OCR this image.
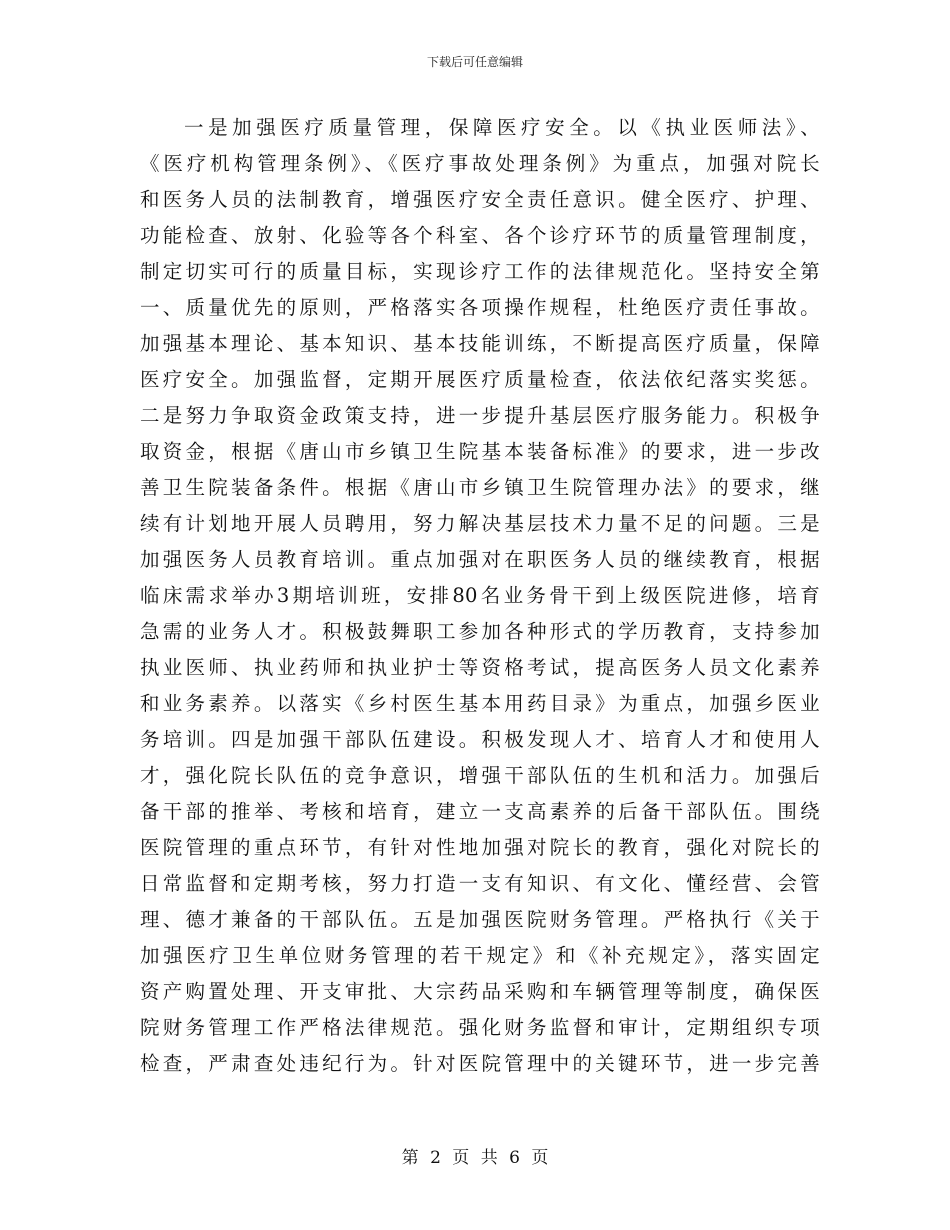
下载后可任意编辑
一是加强医疗质量管理，保障医疗安全。以《执业医师法》、
《医疗机构管理条例》、《医疗事故处理条例》为重点，加强对院长
和医务人员的法制教育，增强医疗安全责任意识。健全医疗、护理、
功能检查、放射、化验等各个科室、各个诊疗环节的质量管理制度，
制定切实可行的质量目标，实现诊疗工作的法律规范化。坚持安全第
一、质量优先的原则，严格落实各项操作规程，杜绝医疗责任事故。
加强基本理论、基本知识、基本技能训练，不断提高医疗质量，保障
医疗安全。加强监督，定期开展医疗质量检查，依法依纪落实奖惩。
二是努力争取资金政策支持，进一步提升基层医疗服务能力。积极争
取资金，根据《唐山市乡镇卫生院基本装备标准》的要求，进一步改
善卫生院装备条件。根据《唐山市乡镇卫生院管理办法》的要求，继
续有计划地开展人员聘用，努力解决基层技术力量不足的问题。三是
加强医务人员教育培训。重点加强对在职医务人员的继续教育，根据
临床需求举办3期培训班，安排80名业务骨干到上级医院进修，培育
急需的业务人才。积极鼓舞职工参加各种形式的学历教育，支持参加
执业医师、执业药师和执业护士等资格考试，提高医务人员文化素养
和业务素养。以落实《乡村医生基本用药目录》为重点，加强乡医业
务培训。四是加强干部队伍建设。积极发现人才、培育人才和使用人
才，强化院长队伍的竞争意识，增强干部队伍的生机和活力。加强后
备干部的推举、考核和培育，建立一支高素养的后备干部队伍。围绕
医院管理的重点环节，有针对性地加强对院长的教育，强化对院长的
日常监督和定期考核，努力打造一支有知识、有文化、懂经营、会管
理、德才兼备的干部队伍。五是加强医院财务管理。严格执行《关于
加强医疗卫生单位财务管理的若干规定》和《补充规定》，落实固定
资产购置处理、开支审批、大宗药品采购和车辆管理等制度，确保医
院财务管理工作严格法律规范。强化财务监督和审计，定期组织专项
检查，严肃查处违纪行为。针对医院管理中的关键环节，进一步完善
第 2 页 共 6 页
